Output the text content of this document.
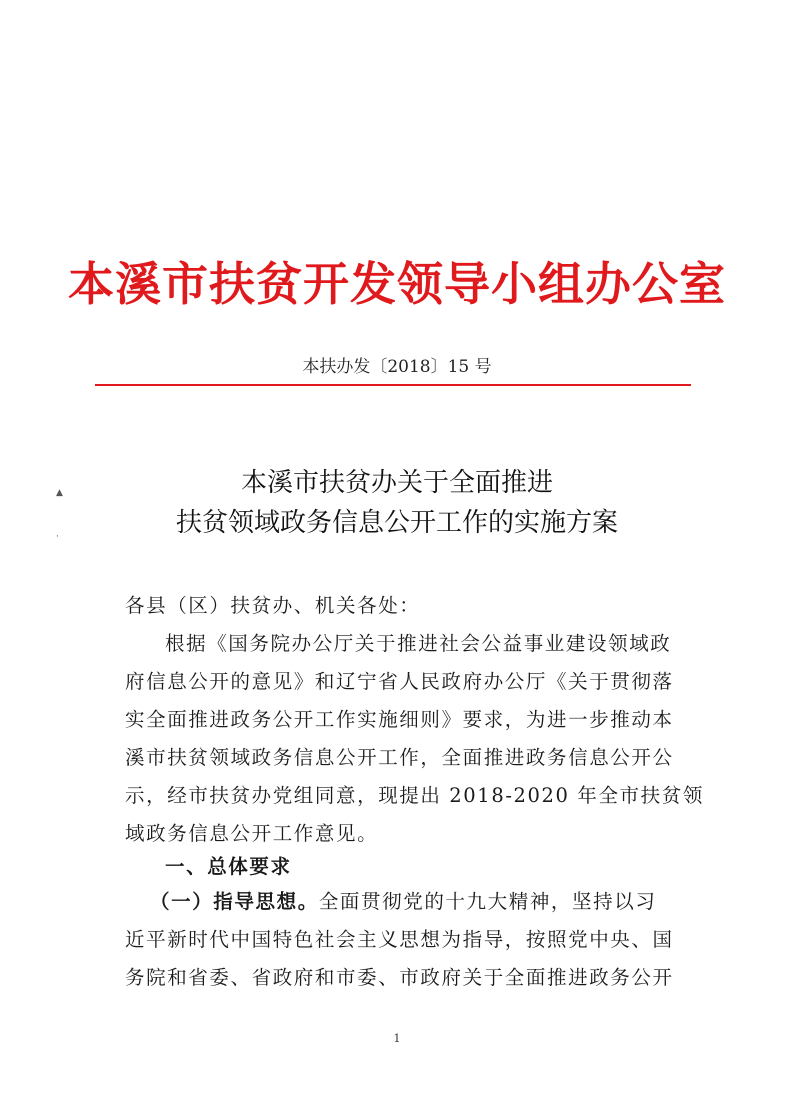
本溪市扶贫开发领导小组办公室
本扶办发〔2018〕15 号
本溪市扶贫办关于全面推进
扶贫领域政务信息公开工作的实施方案
▲
·
各县（区）扶贫办、机关各处：
根据《国务院办公厅关于推进社会公益事业建设领域政
府信息公开的意见》和辽宁省人民政府办公厅《关于贯彻落
实全面推进政务公开工作实施细则》要求，为进一步推动本
溪市扶贫领域政务信息公开工作，全面推进政务信息公开公
示，经市扶贫办党组同意，现提出 2018-2020 年全市扶贫领
域政务信息公开工作意见。
一、总体要求
（一）指导思想。全面贯彻党的十九大精神，坚持以习
近平新时代中国特色社会主义思想为指导，按照党中央、国
务院和省委、省政府和市委、市政府关于全面推进政务公开
1
